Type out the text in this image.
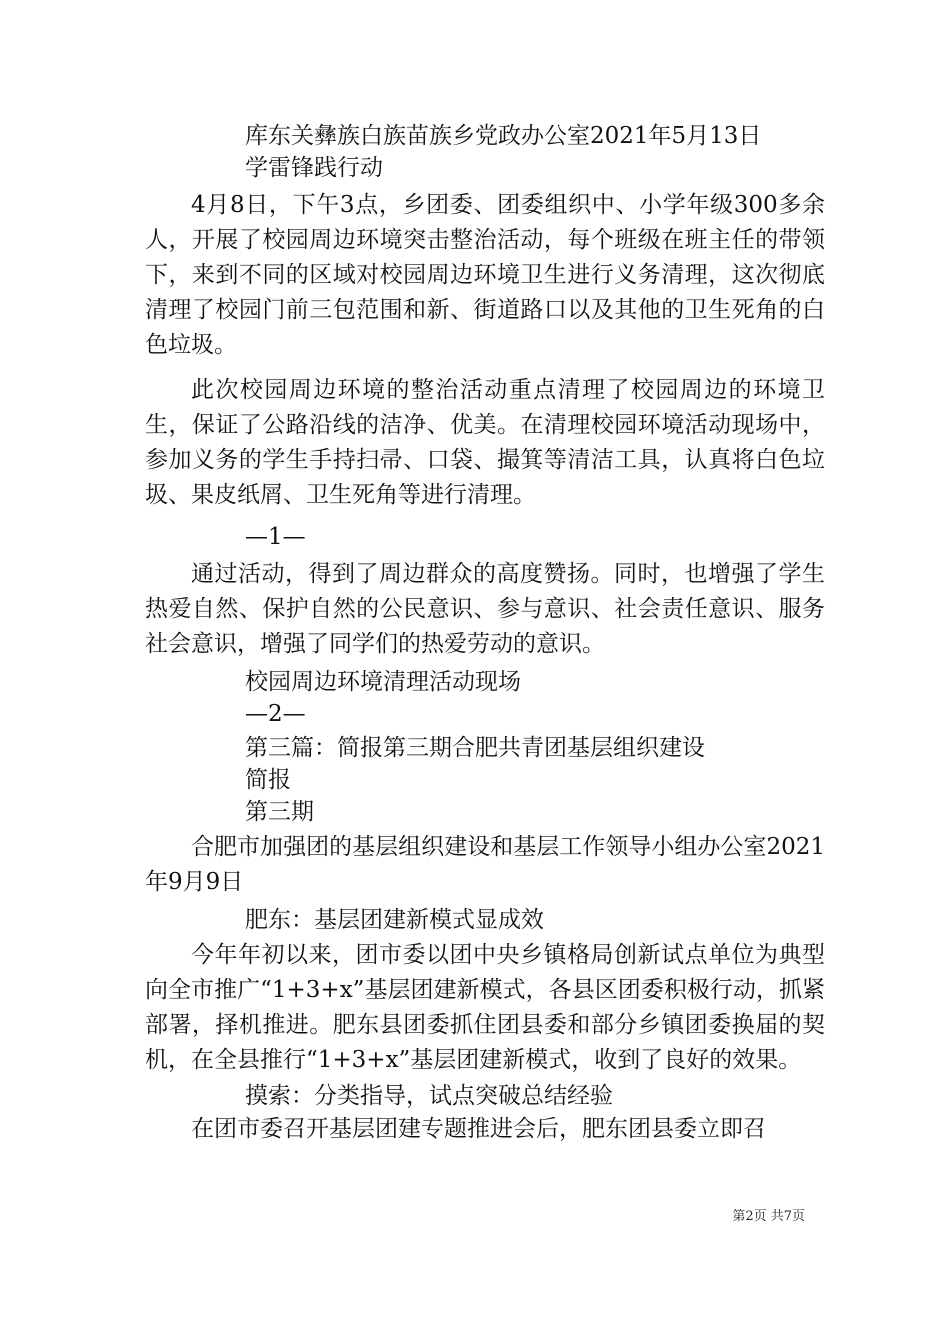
库东关彝族白族苗族乡党政办公室2021年5月13日

学雷锋践行动

4月8日，下午3点，乡团委、团委组织中、小学年级300多余人，开展了校园周边环境突击整治活动，每个班级在班主任的带领下，来到不同的区域对校园周边环境卫生进行义务清理，这次彻底清理了校园门前三包范围和新、街道路口以及其他的卫生死角的白色垃圾。

此次校园周边环境的整治活动重点清理了校园周边的环境卫生，保证了公路沿线的洁净、优美。在清理校园环境活动现场中，参加义务的学生手持扫帚、口袋、撮箕等清洁工具，认真将白色垃圾、果皮纸屑、卫生死角等进行清理。

—1—

通过活动，得到了周边群众的高度赞扬。同时，也增强了学生热爱自然、保护自然的公民意识、参与意识、社会责任意识、服务社会意识，增强了同学们的热爱劳动的意识。

校园周边环境清理活动现场

—2—

第三篇：简报第三期合肥共青团基层组织建设

简报

第三期

合肥市加强团的基层组织建设和基层工作领导小组办公室2021年9月9日

肥东：基层团建新模式显成效

今年年初以来，团市委以团中央乡镇格局创新试点单位为典型向全市推广“1+3+x”基层团建新模式，各县区团委积极行动，抓紧部署，择机推进。肥东县团委抓住团县委和部分乡镇团委换届的契机，在全县推行“1+3+x”基层团建新模式，收到了良好的效果。

摸索：分类指导，试点突破总结经验

在团市委召开基层团建专题推进会后，肥东团县委立即召

第2页 共7页
